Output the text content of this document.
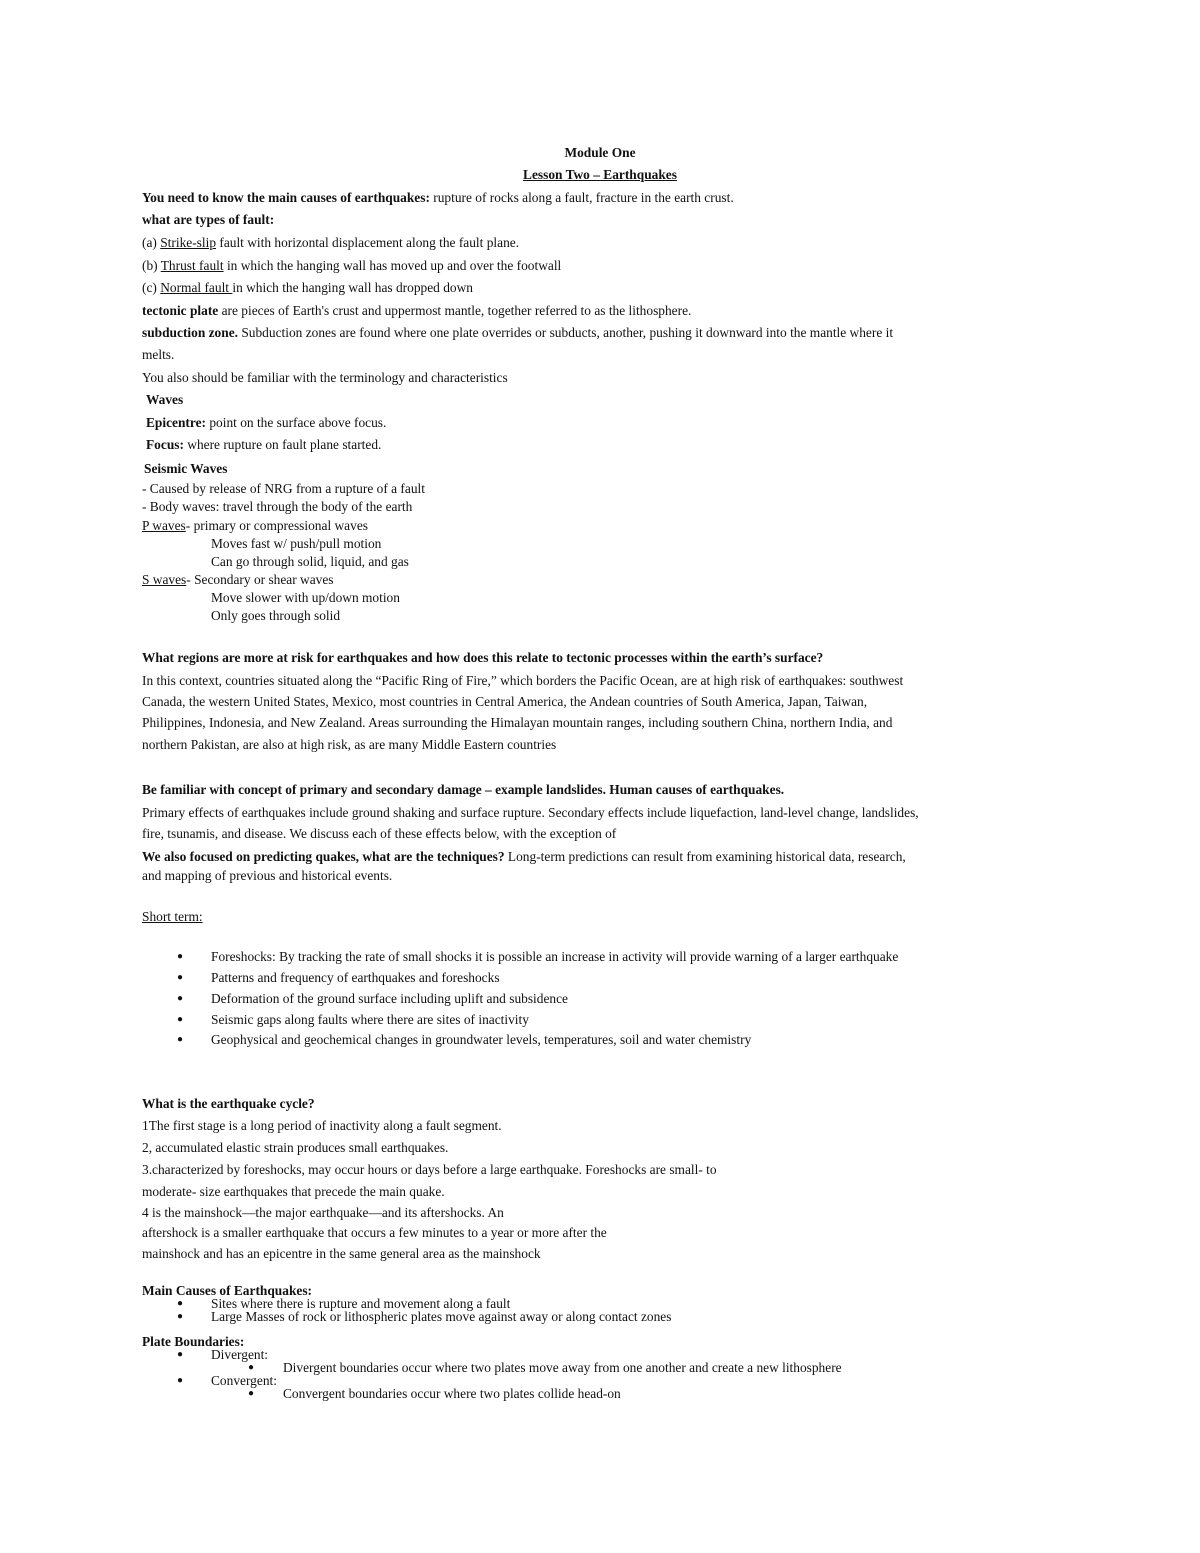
Module One
Lesson Two – Earthquakes
You need to know the main causes of earthquakes: rupture of rocks along a fault, fracture in the earth crust.
what are types of fault:
(a) Strike-slip fault with horizontal displacement along the fault plane.
(b) Thrust fault in which the hanging wall has moved up and over the footwall
(c) Normal fault in which the hanging wall has dropped down
tectonic plate are pieces of Earth's crust and uppermost mantle, together referred to as the lithosphere.
subduction zone. Subduction zones are found where one plate overrides or subducts, another, pushing it downward into the mantle where it
melts.
You also should be familiar with the terminology and characteristics
Waves
Epicentre: point on the surface above focus.
Focus: where rupture on fault plane started.
Seismic Waves
- Caused by release of NRG from a rupture of a fault
- Body waves: travel through the body of the earth
P waves- primary or compressional waves
Moves fast w/ push/pull motion
Can go through solid, liquid, and gas
S waves- Secondary or shear waves
Move slower with up/down motion
Only goes through solid
What regions are more at risk for earthquakes and how does this relate to tectonic processes within the earth’s surface?
In this context, countries situated along the “Pacific Ring of Fire,” which borders the Pacific Ocean, are at high risk of earthquakes: southwest
Canada, the western United States, Mexico, most countries in Central America, the Andean countries of South America, Japan, Taiwan,
Philippines, Indonesia, and New Zealand. Areas surrounding the Himalayan mountain ranges, including southern China, northern India, and
northern Pakistan, are also at high risk, as are many Middle Eastern countries
Be familiar with concept of primary and secondary damage – example landslides. Human causes of earthquakes.
Primary effects of earthquakes include ground shaking and surface rupture. Secondary effects include liquefaction, land-level change, landslides,
fire, tsunamis, and disease. We discuss each of these effects below, with the exception of
We also focused on predicting quakes, what are the techniques? Long-term predictions can result from examining historical data, research,
and mapping of previous and historical events.
Short term:
● Foreshocks: By tracking the rate of small shocks it is possible an increase in activity will provide warning of a larger earthquake
● Patterns and frequency of earthquakes and foreshocks
● Deformation of the ground surface including uplift and subsidence
● Seismic gaps along faults where there are sites of inactivity
● Geophysical and geochemical changes in groundwater levels, temperatures, soil and water chemistry
What is the earthquake cycle?
1The first stage is a long period of inactivity along a fault segment.
2, accumulated elastic strain produces small earthquakes.
3.characterized by foreshocks, may occur hours or days before a large earthquake. Foreshocks are small- to
moderate- size earthquakes that precede the main quake.
4 is the mainshock—the major earthquake—and its aftershocks. An
aftershock is a smaller earthquake that occurs a few minutes to a year or more after the
mainshock and has an epicentre in the same general area as the mainshock
Main Causes of Earthquakes:
● Sites where there is rupture and movement along a fault
● Large Masses of rock or lithospheric plates move against away or along contact zones
Plate Boundaries:
● Divergent:
● Divergent boundaries occur where two plates move away from one another and create a new lithosphere
● Convergent:
● Convergent boundaries occur where two plates collide head-on
